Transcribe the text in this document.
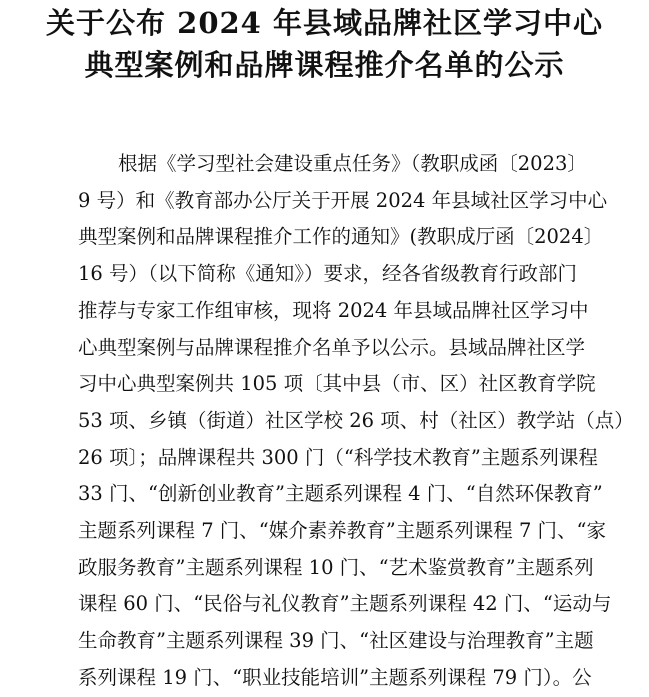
关于公布 2024 年县域品牌社区学习中心
典型案例和品牌课程推介名单的公示
根据《学习型社会建设重点任务》（教职成函〔2023〕
9 号）和《教育部办公厅关于开展 2024 年县域社区学习中心
典型案例和品牌课程推介工作的通知》(教职成厅函〔2024〕
16 号）（以下简称《通知》）要求，经各省级教育行政部门
推荐与专家工作组审核，现将 2024 年县域品牌社区学习中
心典型案例与品牌课程推介名单予以公示。县域品牌社区学
习中心典型案例共 105 项〔其中县（市、区）社区教育学院
53 项、乡镇（街道）社区学校 26 项、村（社区）教学站（点）
26 项〕；品牌课程共 300 门（“科学技术教育”主题系列课程
33 门、“创新创业教育”主题系列课程 4 门、“自然环保教育”
主题系列课程 7 门、“媒介素养教育”主题系列课程 7 门、“家
政服务教育”主题系列课程 10 门、“艺术鉴赏教育”主题系列
课程 60 门、“民俗与礼仪教育”主题系列课程 42 门、“运动与
生命教育”主题系列课程 39 门、“社区建设与治理教育”主题
系列课程 19 门、“职业技能培训”主题系列课程 79 门）。公
